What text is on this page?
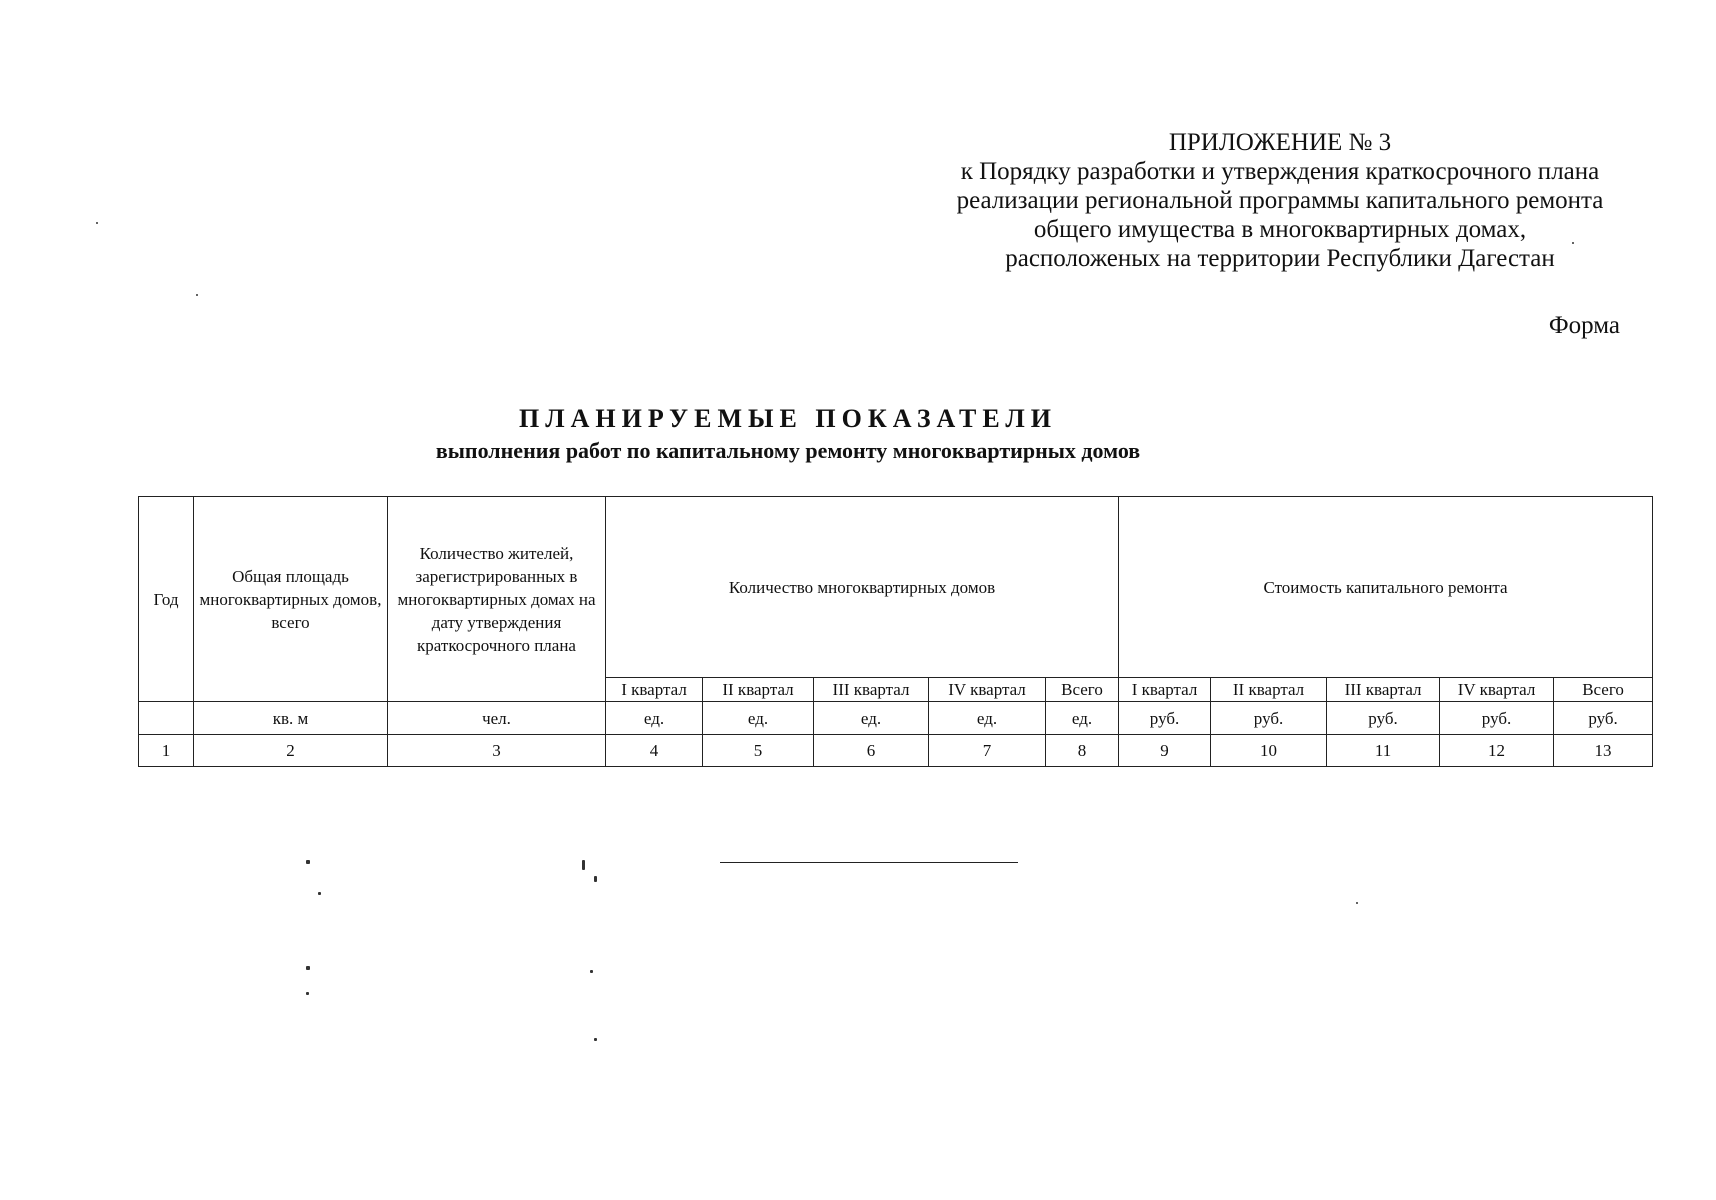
ПРИЛОЖЕНИЕ № 3
к Порядку разработки и утверждения краткосрочного плана
реализации региональной программы капитального ремонта
общего имущества в многоквартирных домах,
расположеных на территории Республики Дагестан
Форма
ПЛАНИРУЕМЫЕ ПОКАЗАТЕЛИ
выполнения работ по капитальному ремонту многоквартирных домов
Год	Общая площадь многоквартирных домов, всего	Количество жителей, зарегистрированных в многоквартирных домах на дату утверждения краткосрочного плана	Количество многоквартирных домов					Стоимость капитального ремонта				
			I квартал	II квартал	III квартал	IV квартал	Всего	I квартал	II квартал	III квартал	IV квартал	Всего
	кв. м	чел.	ед.	ед.	ед.	ед.	ед.	руб.	руб.	руб.	руб.	руб.
1	2	3	4	5	6	7	8	9	10	11	12	13
